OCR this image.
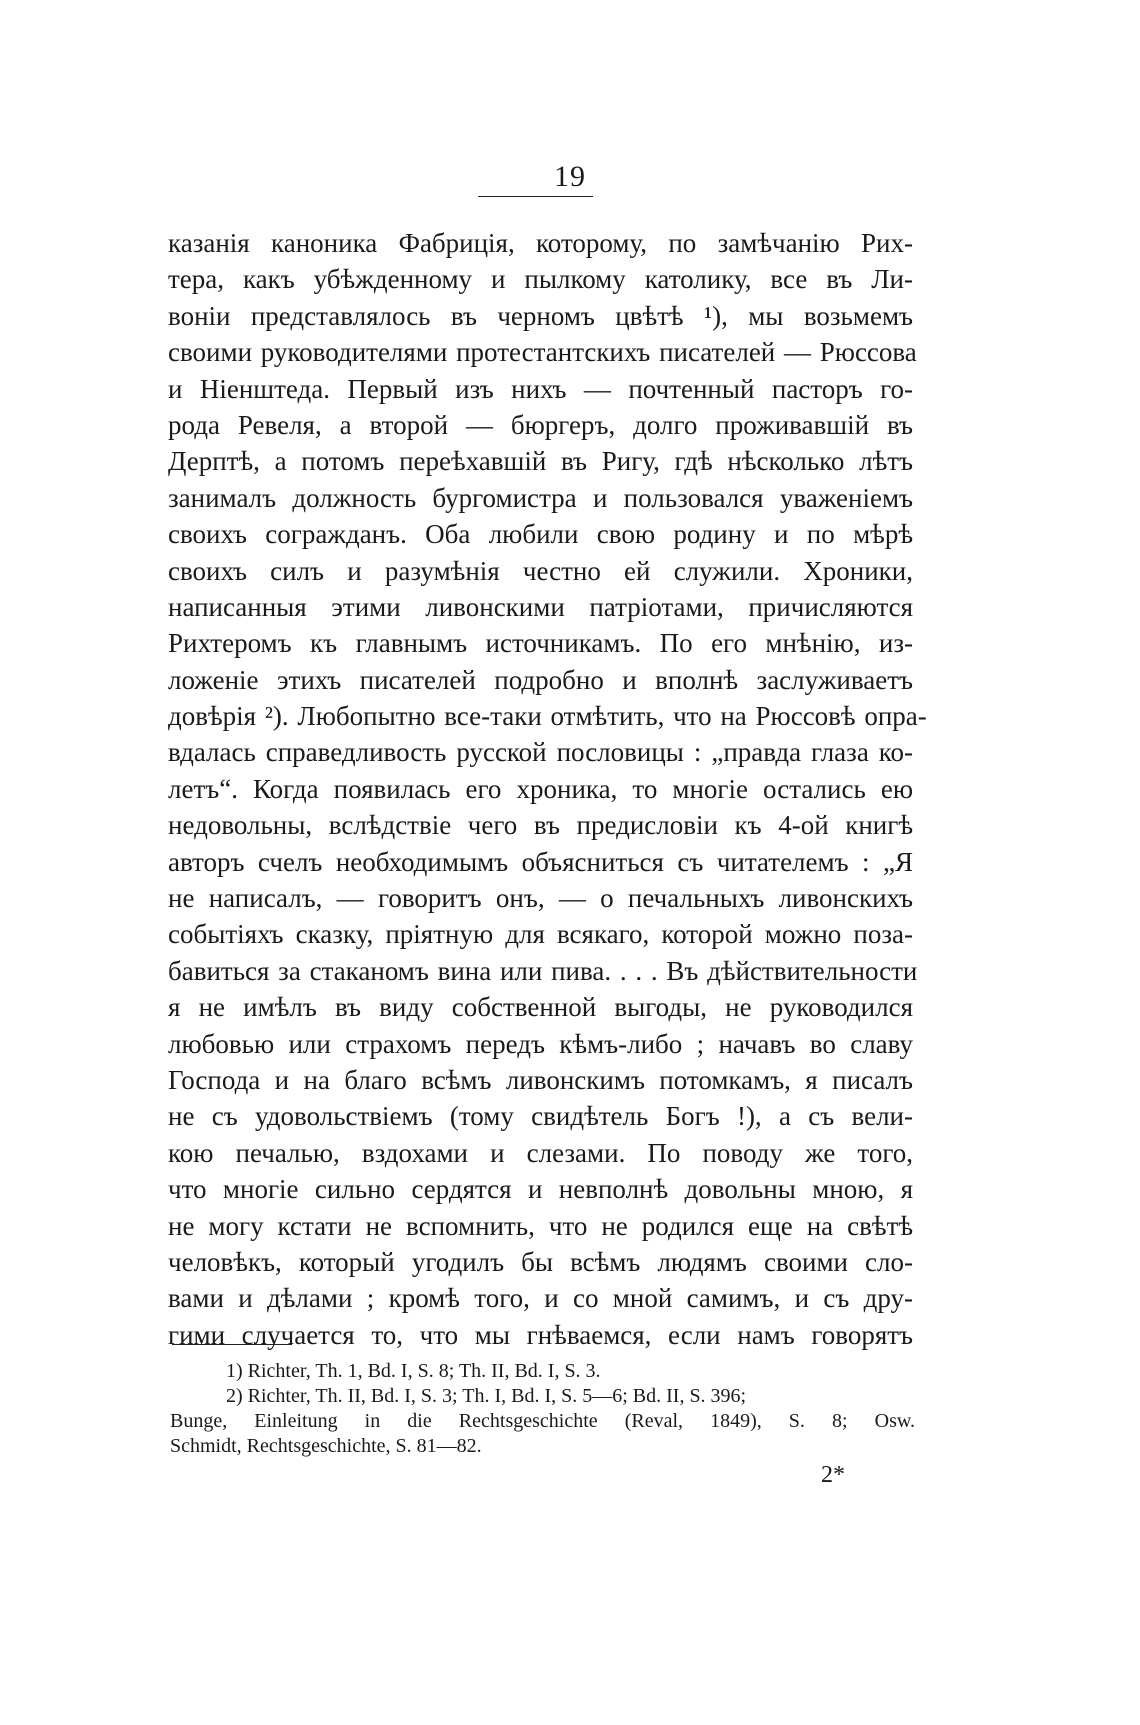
19
казанія каноника Фабриція, которому, по замѣчанію Рих-
тера, какъ убѣжденному и пылкому католику, все въ Ли-
воніи представлялось въ черномъ цвѣтѣ ¹), мы возьмемъ
своими руководителями протестантскихъ писателей — Рюссова
и Ніенштеда. Первый изъ нихъ — почтенный пасторъ го-
рода Ревеля, а второй — бюргеръ, долго проживавшій въ
Дерптѣ, а потомъ переѣхавшій въ Ригу, гдѣ нѣсколько лѣтъ
занималъ должность бургомистра и пользовался уваженіемъ
своихъ согражданъ. Оба любили свою родину и по мѣрѣ
своихъ силъ и разумѣнія честно ей служили. Хроники,
написанныя этими ливонскими патріотами, причисляются
Рихтеромъ къ главнымъ источникамъ. По его мнѣнію, из-
ложеніе этихъ писателей подробно и вполнѣ заслуживаетъ
довѣрія ²). Любопытно все-таки отмѣтить, что на Рюссовѣ опра-
вдалась справедливость русской пословицы : „правда глаза ко-
летъ“. Когда появилась его хроника, то многіе остались ею
недовольны, вслѣдствіе чего въ предисловіи къ 4-ой книгѣ
авторъ счелъ необходимымъ объясниться съ читателемъ : „Я
не написалъ, — говоритъ онъ, — о печальныхъ ливонскихъ
событіяхъ сказку, пріятную для всякаго, которой можно поза-
бавиться за стаканомъ вина или пива. . . . Въ дѣйствительности
я не имѣлъ въ виду собственной выгоды, не руководился
любовью или страхомъ передъ кѣмъ-либо ; начавъ во славу
Господа и на благо всѣмъ ливонскимъ потомкамъ, я писалъ
не съ удовольствіемъ (тому свидѣтель Богъ !), а съ вели-
кою печалью, вздохами и слезами. По поводу же того,
что многіе сильно сердятся и невполнѣ довольны мною, я
не могу кстати не вспомнить, что не родился еще на свѣтѣ
человѣкъ, который угодилъ бы всѣмъ людямъ своими сло-
вами и дѣлами ; кромѣ того, и со мной самимъ, и съ дру-
гими случается то, что мы гнѣваемся, если намъ говорятъ
1) Richter, Th. 1, Bd. I, S. 8; Th. II, Bd. I, S. 3.
2) Richter, Th. II, Bd. I, S. 3; Th. I, Bd. I, S. 5—6; Bd. II, S. 396;
Bunge, Einleitung in die Rechtsgeschichte (Reval, 1849), S. 8; Osw.
Schmidt, Rechtsgeschichte, S. 81—82.
2*
